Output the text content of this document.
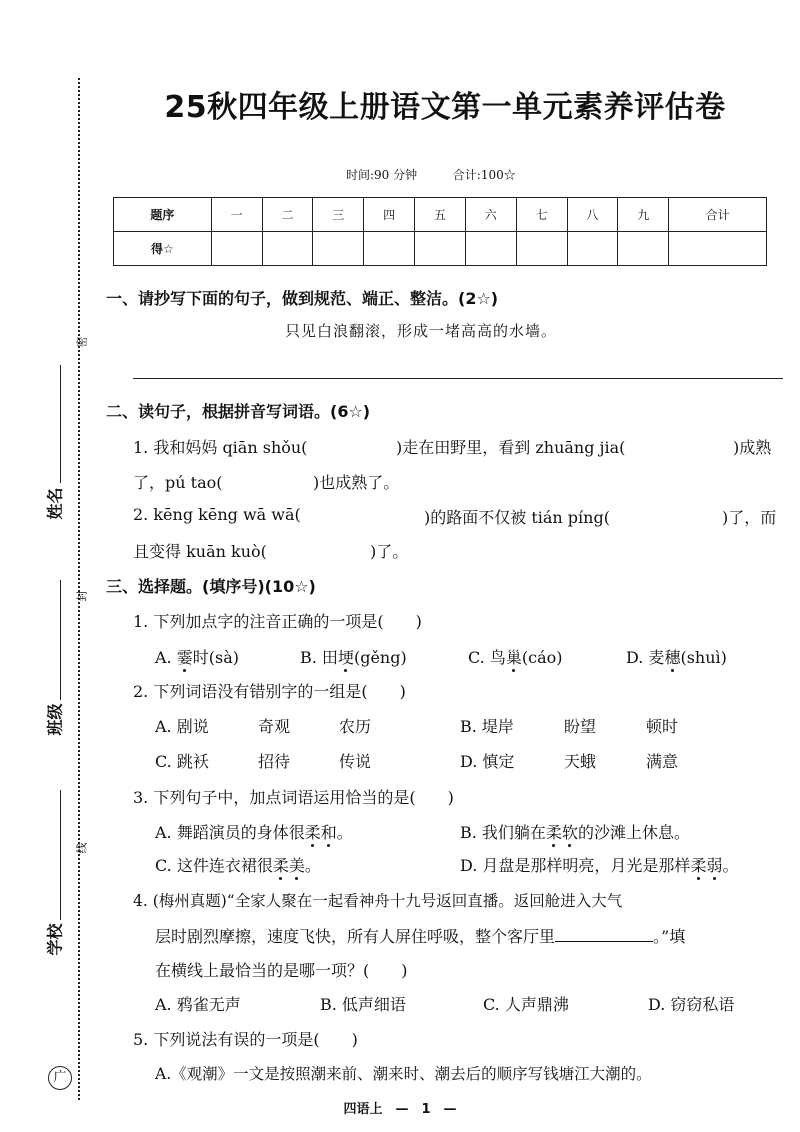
密
封
线
姓名
班级
学校
广
25秋四年级上册语文第一单元素养评估卷
时间:90 分钟	合计:100☆
题序	一	二	三	四	五	六	七	八	九	合计
得☆										
一、请抄写下面的句子，做到规范、端正、整洁。(2☆)
只见白浪翻滚，形成一堵高高的水墙。
二、读句子，根据拼音写词语。(6☆)
1. 我和妈妈 qiān shǒu(	)走在田野里，看到 zhuāng jia(	)成熟
了，pú tao(	)也成熟了。
2. kēng kēng wā wā(	)的路面不仅被 tián píng(	)了，而
且变得 kuān kuò(	)了。
三、选择题。(填序号)(10☆)
1. 下列加点字的注音正确的一项是(　　)
A. 霎时(sà)	B. 田埂(gěng)	C. 鸟巢(cáo)	D. 麦穗(shuì)
2. 下列词语没有错别字的一组是(　　)
A. 剧说	奇观	农历	B. 堤岸	盼望	顿时
C. 跳袄	招待	传说	D. 慎定	天蛾	满意
3. 下列句子中，加点词语运用恰当的是(　　)
A. 舞蹈演员的身体很柔和。	B. 我们躺在柔软的沙滩上休息。
C. 这件连衣裙很柔美。	D. 月盘是那样明亮，月光是那样柔弱。
4. (梅州真题)“全家人聚在一起看神舟十九号返回直播。返回舱进入大气
层时剧烈摩擦，速度飞快，所有人屏住呼吸，整个客厅里	。”填
在横线上最恰当的是哪一项？(　　)
A. 鸦雀无声	B. 低声细语	C. 人声鼎沸	D. 窃窃私语
5. 下列说法有误的一项是(　　)
A.《观潮》一文是按照潮来前、潮来时、潮去后的顺序写钱塘江大潮的。
四语上　—　1　—
